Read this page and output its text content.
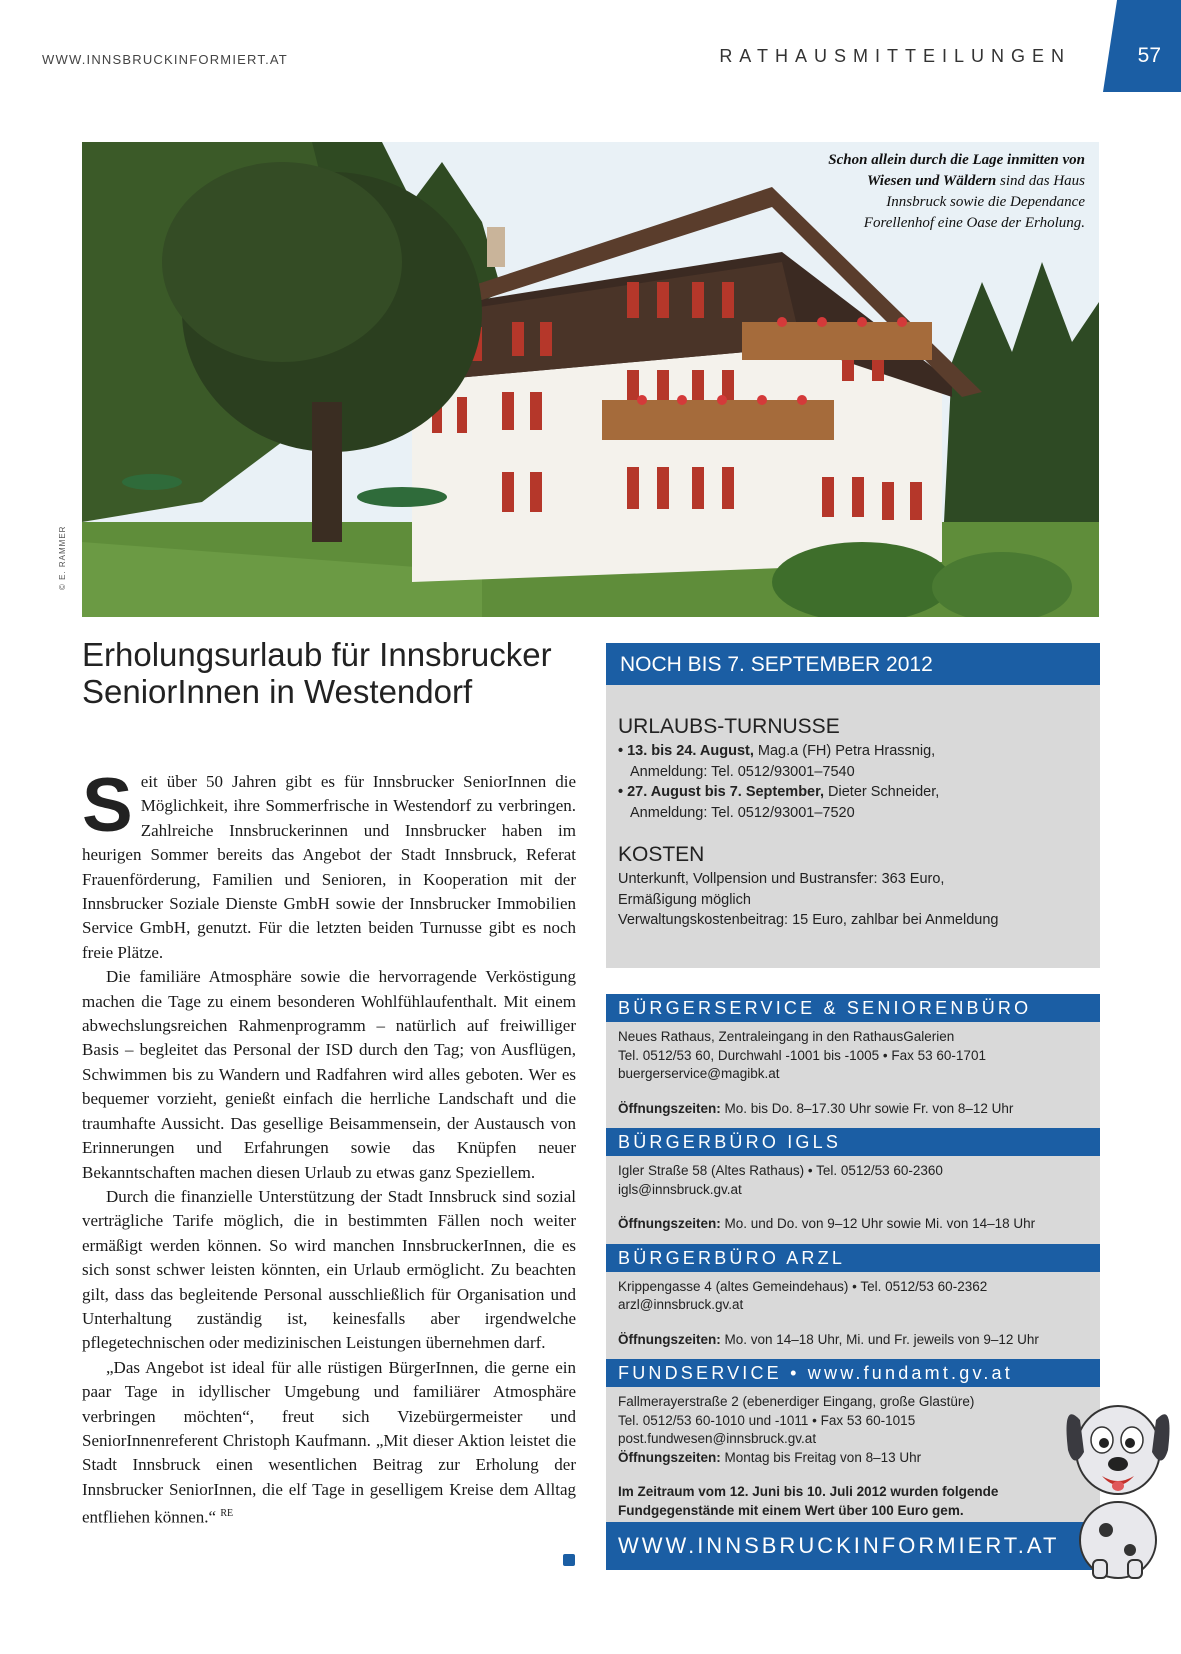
WWW.INNSBRUCKINFORMIERT.AT	RATHAUSMITTEILUNGEN	57
Schon allein durch die Lage inmitten von Wiesen und Wäldern sind das Haus Innsbruck sowie die Dependance Forellenhof eine Oase der Erholung.
© E. RAMMER
Erholungsurlaub für Innsbrucker SeniorInnen in Westendorf

Seit über 50 Jahren gibt es für Innsbrucker SeniorInnen die Möglichkeit, ihre Sommerfrische in Westendorf zu verbringen. Zahlreiche Innsbruckerinnen und Innsbrucker haben im heurigen Sommer bereits das Angebot der Stadt Innsbruck, Referat Frauenförderung, Familien und Senioren, in Kooperation mit der Innsbrucker Soziale Dienste GmbH sowie der Innsbrucker Immobilien Service GmbH, genutzt. Für die letzten beiden Turnusse gibt es noch freie Plätze.

Die familiäre Atmosphäre sowie die hervorragende Verköstigung machen die Tage zu einem besonderen Wohlfühlaufenthalt. Mit einem abwechslungsreichen Rahmenprogramm – natürlich auf freiwilliger Basis – begleitet das Personal der ISD durch den Tag; von Ausflügen, Schwimmen bis zu Wandern und Radfahren wird alles geboten. Wer es bequemer vorzieht, genießt einfach die herrliche Landschaft und die traumhafte Aussicht. Das gesellige Beisammensein, der Austausch von Erinnerungen und Erfahrungen sowie das Knüpfen neuer Bekanntschaften machen diesen Urlaub zu etwas ganz Speziellem.

Durch die finanzielle Unterstützung der Stadt Innsbruck sind sozial verträgliche Tarife möglich, die in bestimmten Fällen noch weiter ermäßigt werden können. So wird manchen InnsbruckerInnen, die es sich sonst schwer leisten könnten, ein Urlaub ermöglicht. Zu beachten gilt, dass das begleitende Personal ausschließlich für Organisation und Unterhaltung zuständig ist, keinesfalls aber irgendwelche pflegetechnischen oder medizinischen Leistungen übernehmen darf.

„Das Angebot ist ideal für alle rüstigen BürgerInnen, die gerne ein paar Tage in idyllischer Umgebung und familiärer Atmosphäre verbringen möchten“, freut sich Vizebürgermeister und SeniorInnenreferent Christoph Kaufmann. „Mit dieser Aktion leistet die Stadt Innsbruck einen wesentlichen Beitrag zur Erholung der Innsbrucker SeniorInnen, die elf Tage in geselligem Kreise dem Alltag entfliehen können.“ $^{RE}$

NOCH BIS 7. SEPTEMBER 2012
URLAUBS-TURNUSSE
• 13. bis 24. August, Mag.a (FH) Petra Hrassnig,
Anmeldung: Tel. 0512/93001–7540
• 27. August bis 7. September, Dieter Schneider,
Anmeldung: Tel. 0512/93001–7520
KOSTEN
Unterkunft, Vollpension und Bustransfer: 363 Euro,
Ermäßigung möglich
Verwaltungskostenbeitrag: 15 Euro, zahlbar bei Anmeldung
BÜRGERSERVICE & SENIORENBÜRO
Neues Rathaus, Zentraleingang in den RathausGalerien
Tel. 0512/53 60, Durchwahl -1001 bis -1005 • Fax 53 60-1701
buergerservice@magibk.at
Öffnungszeiten: Mo. bis Do. 8–17.30 Uhr sowie Fr. von 8–12 Uhr
BÜRGERBÜRO IGLS
Igler Straße 58 (Altes Rathaus) • Tel. 0512/53 60-2360
igls@innsbruck.gv.at
Öffnungszeiten: Mo. und Do. von 9–12 Uhr sowie Mi. von 14–18 Uhr
BÜRGERBÜRO ARZL
Krippengasse 4 (altes Gemeindehaus) • Tel. 0512/53 60-2362
arzl@innsbruck.gv.at
Öffnungszeiten: Mo. von 14–18 Uhr, Mi. und Fr. jeweils von 9–12 Uhr
FUNDSERVICE • www.fundamt.gv.at
Fallmerayerstraße 2 (ebenerdiger Eingang, große Glastüre)
Tel. 0512/53 60-1010 und -1011 • Fax 53 60-1015
post.fundwesen@innsbruck.gv.at
Öffnungszeiten: Montag bis Freitag von 8–13 Uhr
Im Zeitraum vom 12. Juni bis 10. Juli 2012 wurden folgende
Fundgegenstände mit einem Wert über 100 Euro gem.
WWW.INNSBRUCKINFORMIERT.AT
